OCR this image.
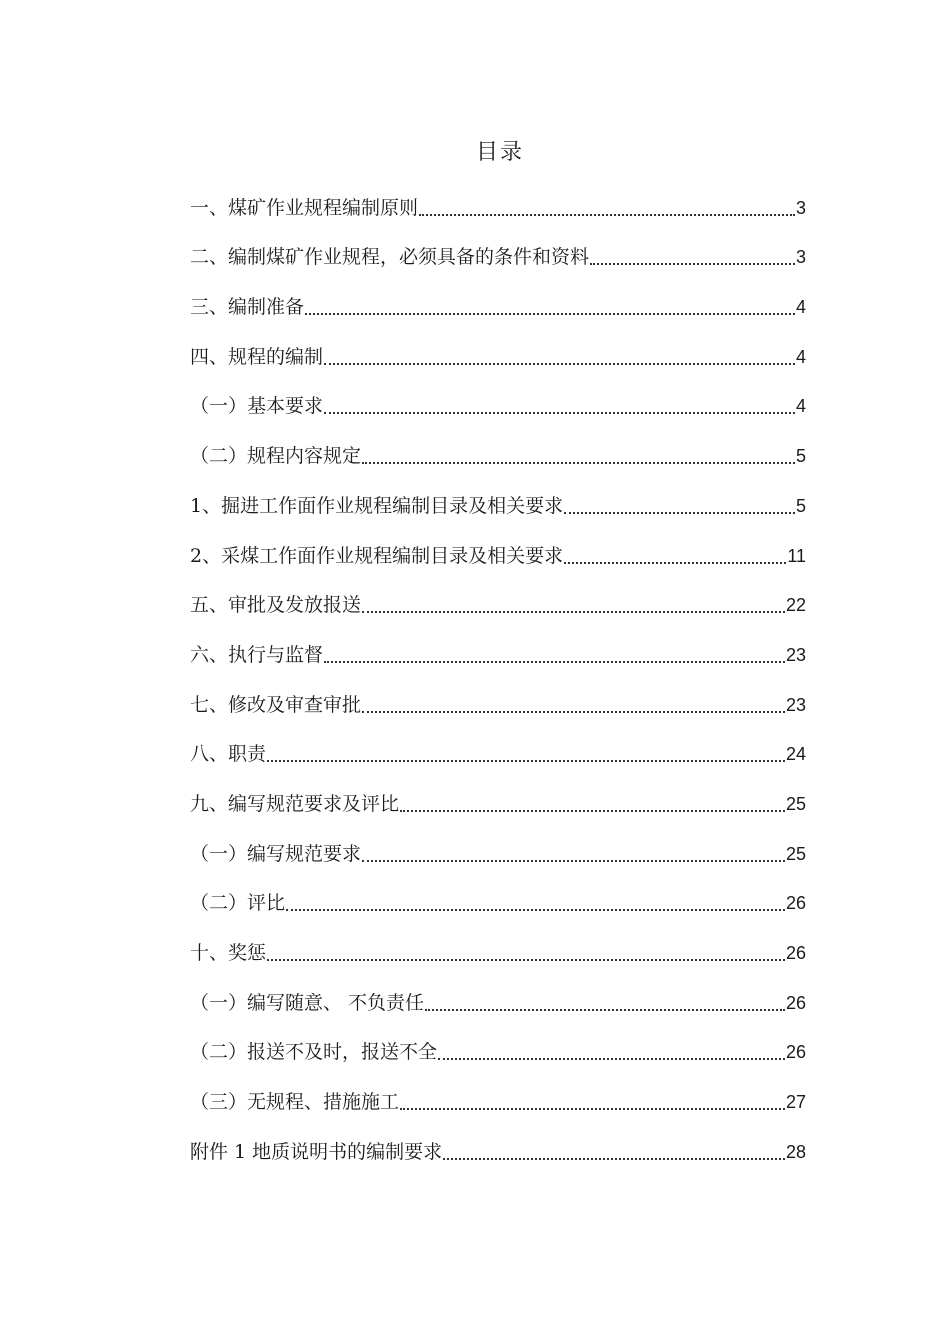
目录
一、煤矿作业规程编制原则	3
二、编制煤矿作业规程，必须具备的条件和资料	3
三、编制准备	4
四、规程的编制	4
（一）基本要求	4
（二）规程内容规定	5
1、掘进工作面作业规程编制目录及相关要求	5
2、采煤工作面作业规程编制目录及相关要求	11
五、审批及发放报送	22
六、执行与监督	23
七、修改及审查审批	23
八、职责	24
九、编写规范要求及评比	25
（一）编写规范要求	25
（二）评比	26
十、奖惩	26
（一）编写随意、 不负责任	26
（二）报送不及时，报送不全	26
（三）无规程、措施施工	27
附件 1 地质说明书的编制要求	28
